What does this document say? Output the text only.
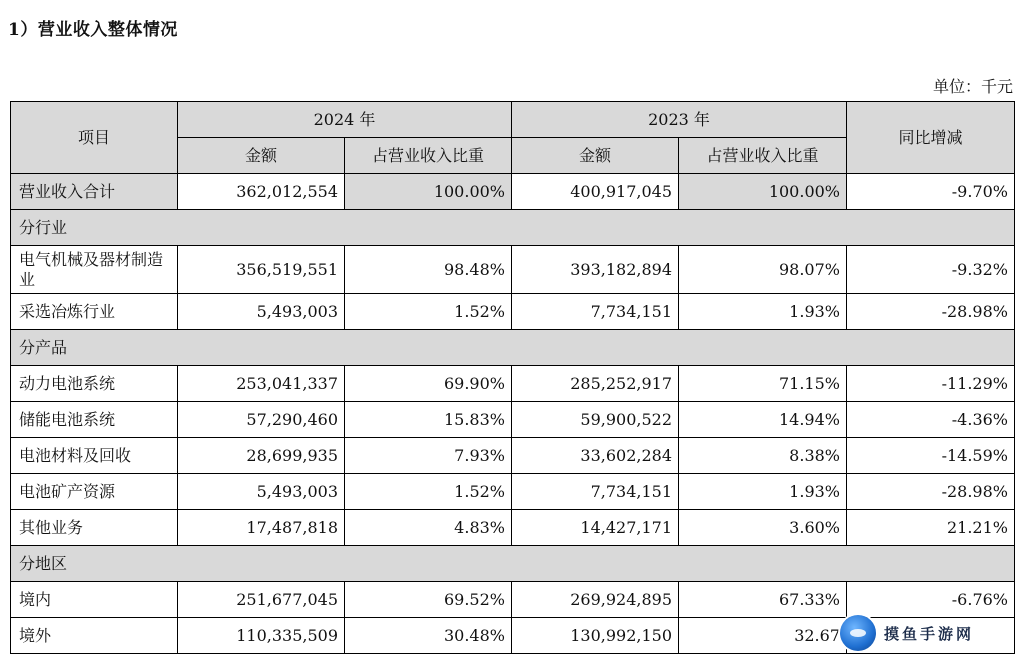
1）营业收入整体情况
单位：千元
项目	2024 年		2023 年		同比增减
	金额	占营业收入比重	金额	占营业收入比重	
营业收入合计	362,012,554	100.00%	400,917,045	100.00%	-9.70%
分行业					
电气机械及器材制造业	356,519,551	98.48%	393,182,894	98.07%	-9.32%
采选冶炼行业	5,493,003	1.52%	7,734,151	1.93%	-28.98%
分产品					
动力电池系统	253,041,337	69.90%	285,252,917	71.15%	-11.29%
储能电池系统	57,290,460	15.83%	59,900,522	14.94%	-4.36%
电池材料及回收	28,699,935	7.93%	33,602,284	8.38%	-14.59%
电池矿产资源	5,493,003	1.52%	7,734,151	1.93%	-28.98%
其他业务	17,487,818	4.83%	14,427,171	3.60%	21.21%
分地区					
境内	251,677,045	69.52%	269,924,895	67.33%	-6.76%
境外	110,335,509	30.48%	130,992,150	32.67		摸鱼手游网
